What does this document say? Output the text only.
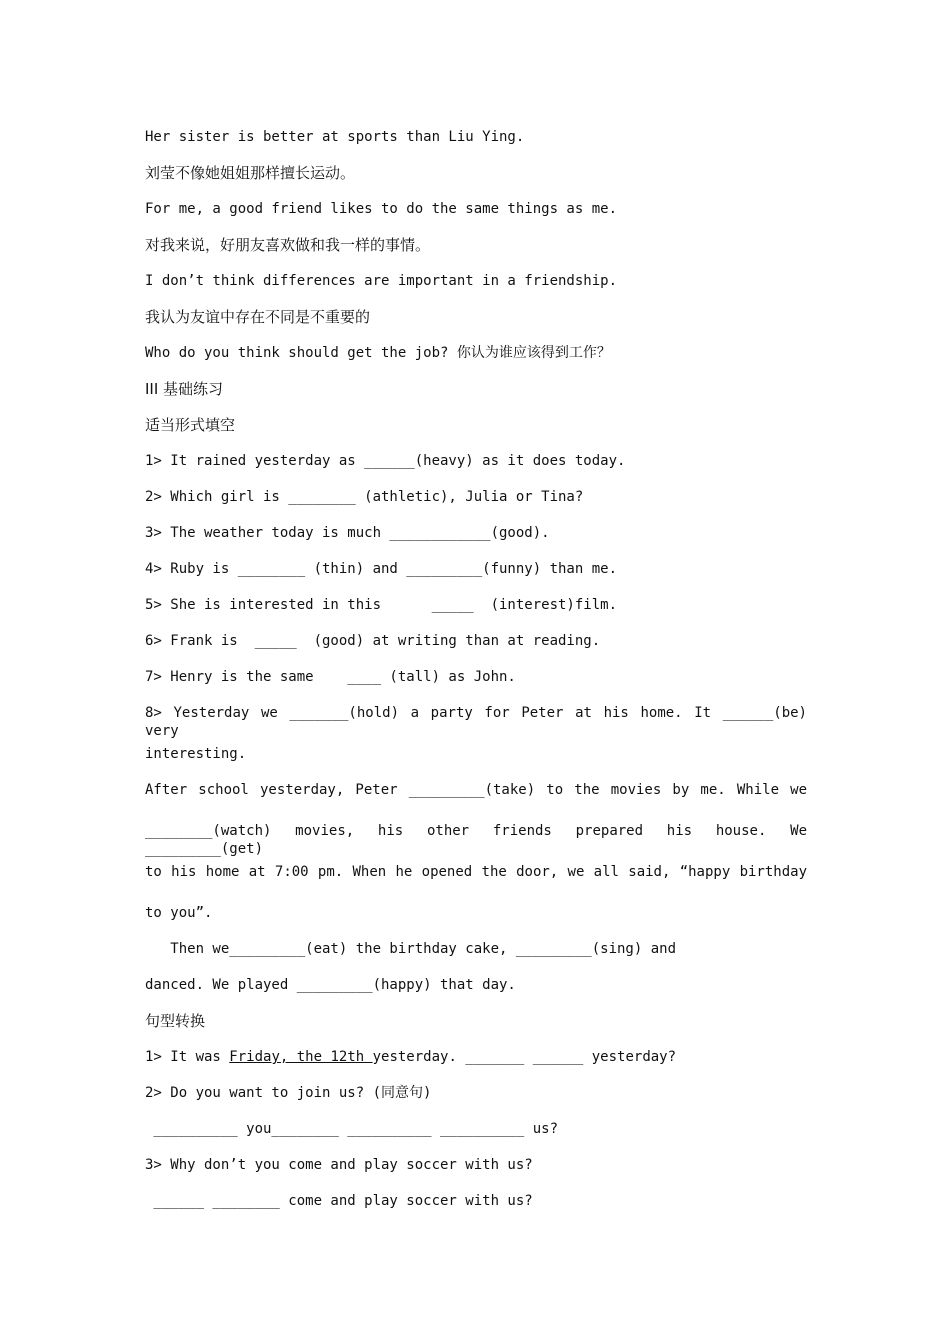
Her sister is better at sports than Liu Ying.
刘莹不像她姐姐那样擅长运动。
For me, a good friend likes to do the same things as me.
对我来说，好朋友喜欢做和我一样的事情。
I don’t think differences are important in a friendship.
我认为友谊中存在不同是不重要的
Who do you think should get the job? 你认为谁应该得到工作？
III 基础练习
适当形式填空
1> It rained yesterday as ______(heavy) as it does today.
2> Which girl is ________ (athletic), Julia or Tina?
3> The weather today is much ____________(good).
4> Ruby is ________ (thin) and _________(funny) than me.
5> She is interested in this      _____  (interest)film.
6> Frank is  _____  (good) at writing than at reading.
7> Henry is the same    ____ (tall) as John.
8> Yesterday we _______(hold) a party for Peter at his home. It ______(be) very
interesting.
After school yesterday, Peter _________(take) to the movies by me. While we
________(watch) movies, his other friends prepared his house. We _________(get)
to his home at 7:00 pm. When he opened the door, we all said, “happy birthday
to you”.
Then we_________(eat) the birthday cake, _________(sing) and
danced. We played _________(happy) that day.
句型转换
1> It was Friday, the 12th yesterday. _______ ______ yesterday?
2> Do you want to join us? (同意句)
__________ you________ __________ __________ us?
3> Why don’t you come and play soccer with us?
______ ________ come and play soccer with us?
